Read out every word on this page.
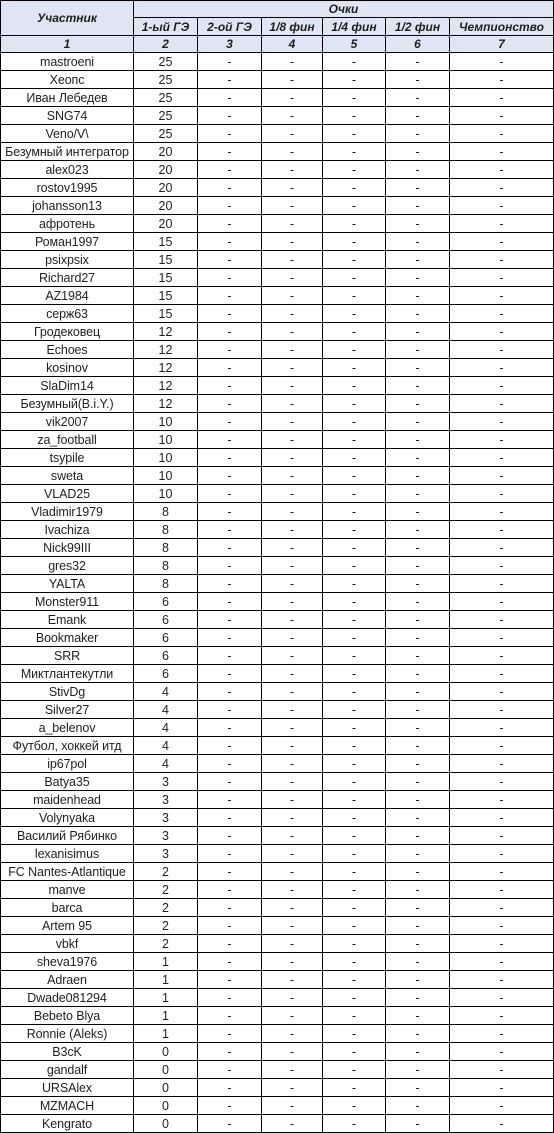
Участник	Очки					
	1-ый ГЭ	2-ой ГЭ	1/8 фин	1/4 фин	1/2 фин	Чемпионство
1	2	3	4	5	6	7
mastroeni	25	-	-	-	-	-
Хеопс	25	-	-	-	-	-
Иван Лебедев	25	-	-	-	-	-
SNG74	25	-	-	-	-	-
Veno/V\	25	-	-	-	-	-
Безумный интегратор	20	-	-	-	-	-
alex023	20	-	-	-	-	-
rostov1995	20	-	-	-	-	-
johansson13	20	-	-	-	-	-
афротень	20	-	-	-	-	-
Роман1997	15	-	-	-	-	-
psixpsix	15	-	-	-	-	-
Richard27	15	-	-	-	-	-
AZ1984	15	-	-	-	-	-
серж63	15	-	-	-	-	-
Гродековец	12	-	-	-	-	-
Echoes	12	-	-	-	-	-
kosinov	12	-	-	-	-	-
SlaDim14	12	-	-	-	-	-
Безумный(B.i.Y.)	12	-	-	-	-	-
vik2007	10	-	-	-	-	-
za_football	10	-	-	-	-	-
tsypile	10	-	-	-	-	-
sweta	10	-	-	-	-	-
VLAD25	10	-	-	-	-	-
Vladimir1979	8	-	-	-	-	-
Ivachiza	8	-	-	-	-	-
Nick99III	8	-	-	-	-	-
gres32	8	-	-	-	-	-
YALTA	8	-	-	-	-	-
Monster911	6	-	-	-	-	-
Emank	6	-	-	-	-	-
Bookmaker	6	-	-	-	-	-
SRR	6	-	-	-	-	-
Миктлантекутли	6	-	-	-	-	-
StivDg	4	-	-	-	-	-
Silver27	4	-	-	-	-	-
a_belenov	4	-	-	-	-	-
Футбол, хоккей итд	4	-	-	-	-	-
ip67pol	4	-	-	-	-	-
Batya35	3	-	-	-	-	-
maidenhead	3	-	-	-	-	-
Volynyaka	3	-	-	-	-	-
Василий Рябинко	3	-	-	-	-	-
lexanisimus	3	-	-	-	-	-
FC Nantes-Atlantique	2	-	-	-	-	-
manve	2	-	-	-	-	-
barca	2	-	-	-	-	-
Artem 95	2	-	-	-	-	-
vbkf	2	-	-	-	-	-
sheva1976	1	-	-	-	-	-
Adraen	1	-	-	-	-	-
Dwade081294	1	-	-	-	-	-
Bebeto Blya	1	-	-	-	-	-
Ronnie (Aleks)	1	-	-	-	-	-
B3cK	0	-	-	-	-	-
gandalf	0	-	-	-	-	-
URSAlex	0	-	-	-	-	-
MZMACH	0	-	-	-	-	-
Kengrato	0	-	-	-	-	-
